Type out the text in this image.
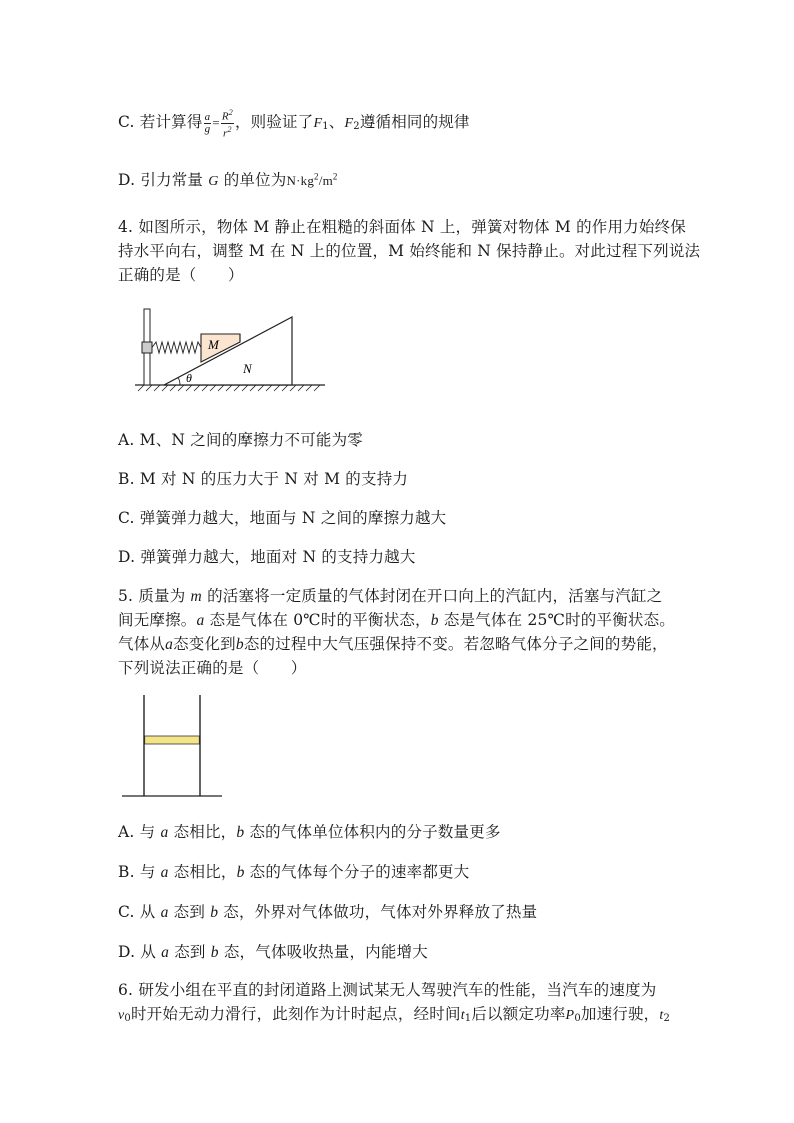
C. 若计算得 $\frac{a}{g} = \frac{R^2}{r^2}$ ，则验证了$F_1$、$F_2$遵循相同的规律
D. 引力常量 G 的单位为$N\cdot kg^2/m^2$
4. 如图所示，物体 M 静止在粗糙的斜面体 N 上，弹簧对物体 M 的作用力始终保
持水平向右，调整 M 在 N 上的位置，M 始终能和 N 保持静止。对此过程下列说法
正确的是（　　）
θ
M
N
A. M、N 之间的摩擦力不可能为零
B. M 对 N 的压力大于 N 对 M 的支持力
C. 弹簧弹力越大，地面与 N 之间的摩擦力越大
D. 弹簧弹力越大，地面对 N 的支持力越大
5. 质量为 m 的活塞将一定质量的气体封闭在开口向上的汽缸内，活塞与汽缸之
间无摩擦。a 态是气体在 0℃时的平衡状态，b 态是气体在 25℃时的平衡状态。
气体从a态变化到b态的过程中大气压强保持不变。若忽略气体分子之间的势能，
下列说法正确的是（　　）
A. 与 a 态相比，b 态的气体单位体积内的分子数量更多
B. 与 a 态相比，b 态的气体每个分子的速率都更大
C. 从 a 态到 b 态，外界对气体做功，气体对外界释放了热量
D. 从 a 态到 b 态，气体吸收热量，内能增大
6. 研发小组在平直的封闭道路上测试某无人驾驶汽车的性能，当汽车的速度为
$v_0$时开始无动力滑行，此刻作为计时起点，经时间$t_1$后以额定功率$P_0$加速行驶，$t_2$
